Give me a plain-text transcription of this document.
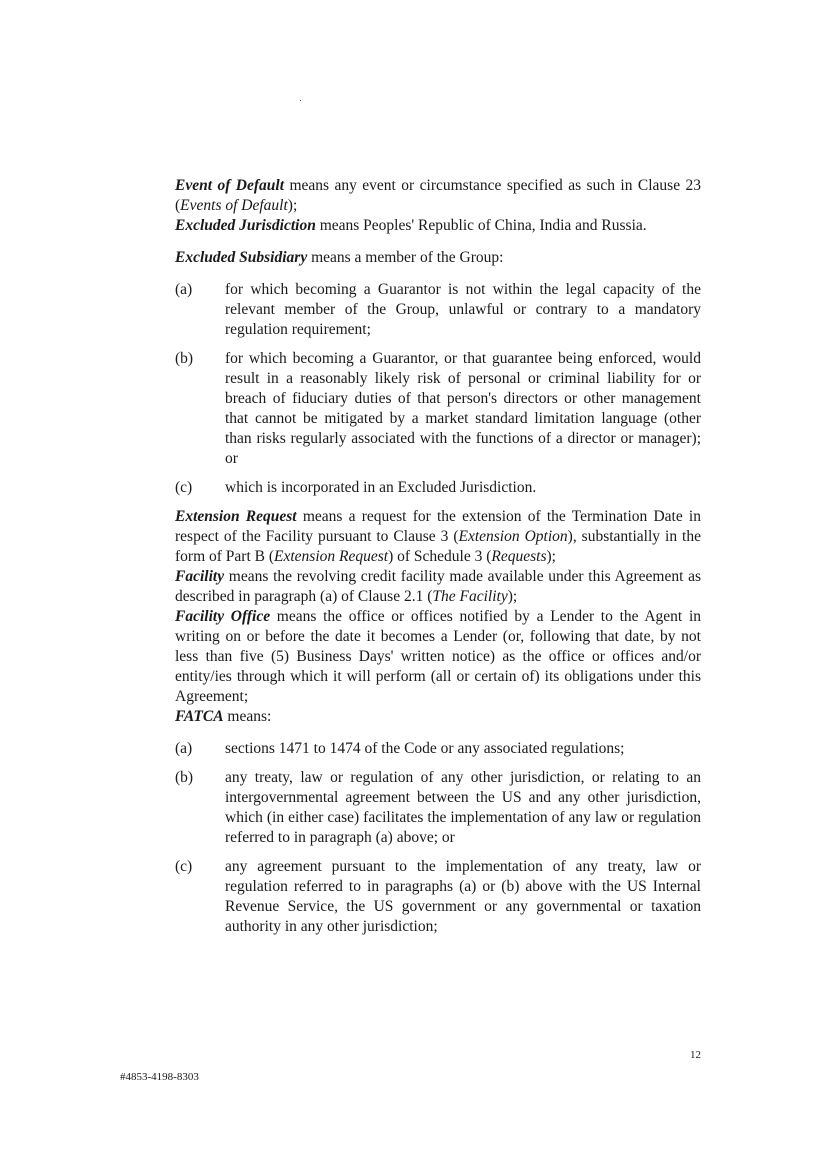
Event of Default means any event or circumstance specified as such in Clause 23 (Events of Default);

Excluded Jurisdiction means Peoples' Republic of China, India and Russia.

Excluded Subsidiary means a member of the Group:

(a)	for which becoming a Guarantor is not within the legal capacity of the relevant member of the Group, unlawful or contrary to a mandatory regulation requirement;
(b)	for which becoming a Guarantor, or that guarantee being enforced, would result in a reasonably likely risk of personal or criminal liability for or breach of fiduciary duties of that person's directors or other management that cannot be mitigated by a market standard limitation language (other than risks regularly associated with the functions of a director or manager); or
(c)	which is incorporated in an Excluded Jurisdiction.

Extension Request means a request for the extension of the Termination Date in respect of the Facility pursuant to Clause 3 (Extension Option), substantially in the form of Part B (Extension Request) of Schedule 3 (Requests);

Facility means the revolving credit facility made available under this Agreement as described in paragraph (a) of Clause 2.1 (The Facility);

Facility Office means the office or offices notified by a Lender to the Agent in writing on or before the date it becomes a Lender (or, following that date, by not less than five (5) Business Days' written notice) as the office or offices and/or entity/ies through which it will perform (all or certain of) its obligations under this Agreement;

FATCA means:

(a)	sections 1471 to 1474 of the Code or any associated regulations;
(b)	any treaty, law or regulation of any other jurisdiction, or relating to an intergovernmental agreement between the US and any other jurisdiction, which (in either case) facilitates the implementation of any law or regulation referred to in paragraph (a) above; or
(c)	any agreement pursuant to the implementation of any treaty, law or regulation referred to in paragraphs (a) or (b) above with the US Internal Revenue Service, the US government or any governmental or taxation authority in any other jurisdiction;
12
#4853-4198-8303
